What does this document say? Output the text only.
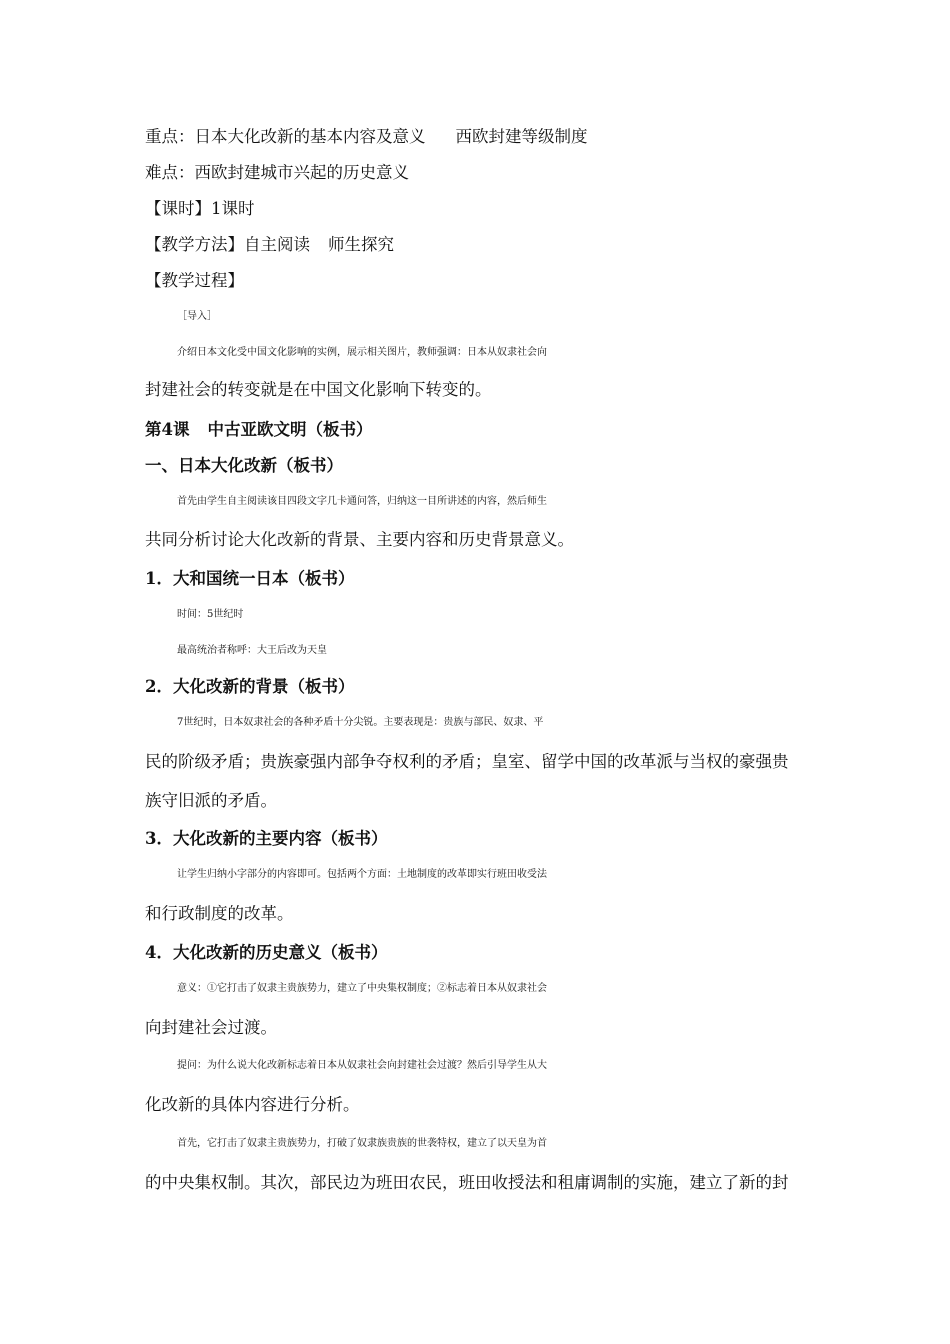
重点：日本大化改新的基本内容及意义 西欧封建等级制度
难点：西欧封建城市兴起的历史意义
【课时】1课时
【教学方法】自主阅读 师生探究
【教学过程】
［导入］
介绍日本文化受中国文化影响的实例，展示相关图片，教师强调：日本从奴隶社会向
封建社会的转变就是在中国文化影响下转变的。
第4课 中古亚欧文明（板书）
一、日本大化改新（板书）
首先由学生自主阅读该目四段文字几卡通问答，归纳这一目所讲述的内容，然后师生
共同分析讨论大化改新的背景、主要内容和历史背景意义。
1．大和国统一日本（板书）
时间：5世纪时
最高统治者称呼：大王后改为天皇
2．大化改新的背景（板书）
7世纪时，日本奴隶社会的各种矛盾十分尖锐。主要表现是：贵族与部民、奴隶、平
民的阶级矛盾；贵族豪强内部争夺权利的矛盾；皇室、留学中国的改革派与当权的豪强贵
族守旧派的矛盾。
3．大化改新的主要内容（板书）
让学生归纳小字部分的内容即可。包括两个方面：土地制度的改革即实行班田收受法
和行政制度的改革。
4．大化改新的历史意义（板书）
意义：①它打击了奴隶主贵族势力，建立了中央集权制度；②标志着日本从奴隶社会
向封建社会过渡。
提问：为什么说大化改新标志着日本从奴隶社会向封建社会过渡？然后引导学生从大
化改新的具体内容进行分析。
首先，它打击了奴隶主贵族势力，打破了奴隶族贵族的世袭特权，建立了以天皇为首
的中央集权制。其次，部民边为班田农民，班田收授法和租庸调制的实施，建立了新的封
